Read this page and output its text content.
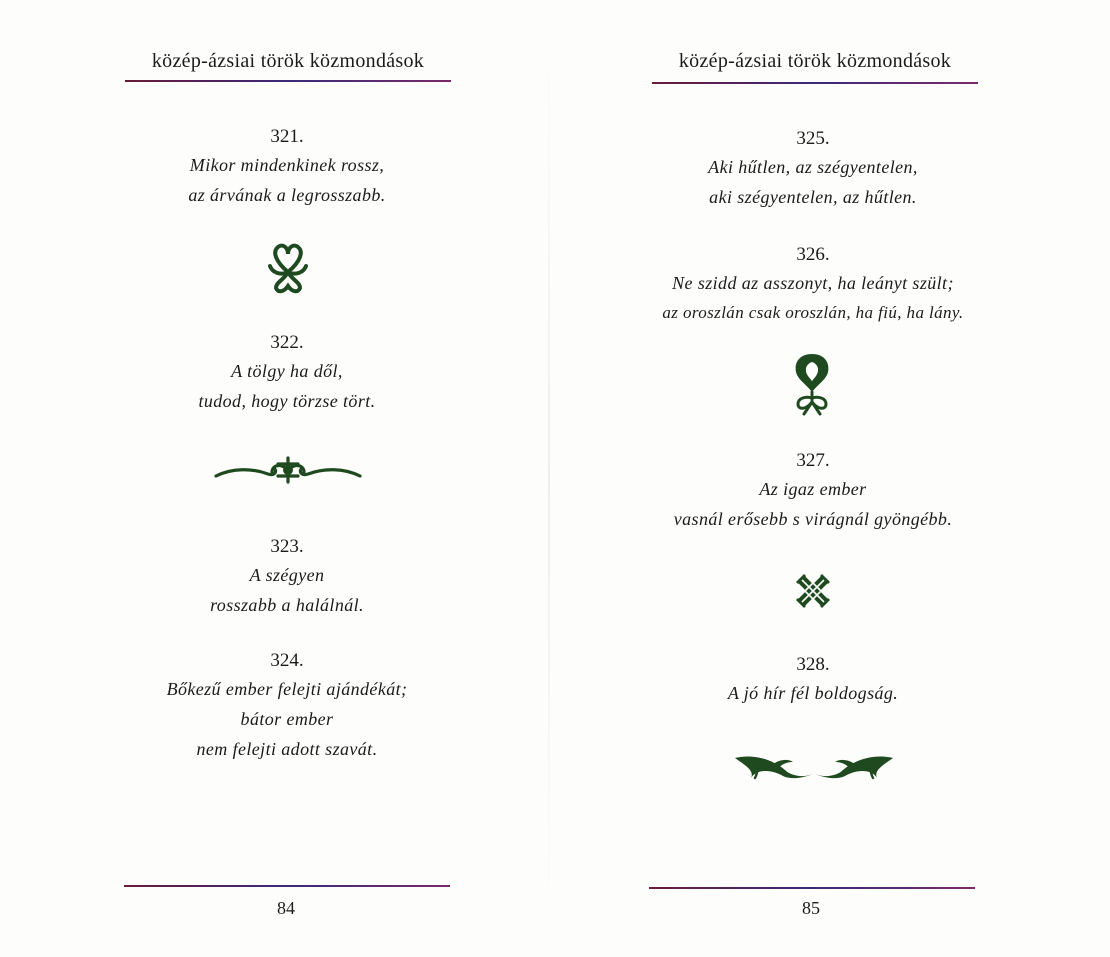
közép-ázsiai török közmondások
321.
Mikor mindenkinek rossz,
az árvának a legrosszabb.
322.
A tölgy ha dől,
tudod, hogy törzse tört.
323.
A szégyen
rosszabb a halálnál.
324.
Bőkezű ember felejti ajándékát;
bátor ember
nem felejti adott szavát.
84
közép-ázsiai török közmondások
325.
Aki hűtlen, az szégyentelen,
aki szégyentelen, az hűtlen.
326.
Ne szidd az asszonyt, ha leányt szült;
az oroszlán csak oroszlán, ha fiú, ha lány.
327.
Az igaz ember
vasnál erősebb s virágnál gyöngébb.
328.
A jó hír fél boldogság.
85
